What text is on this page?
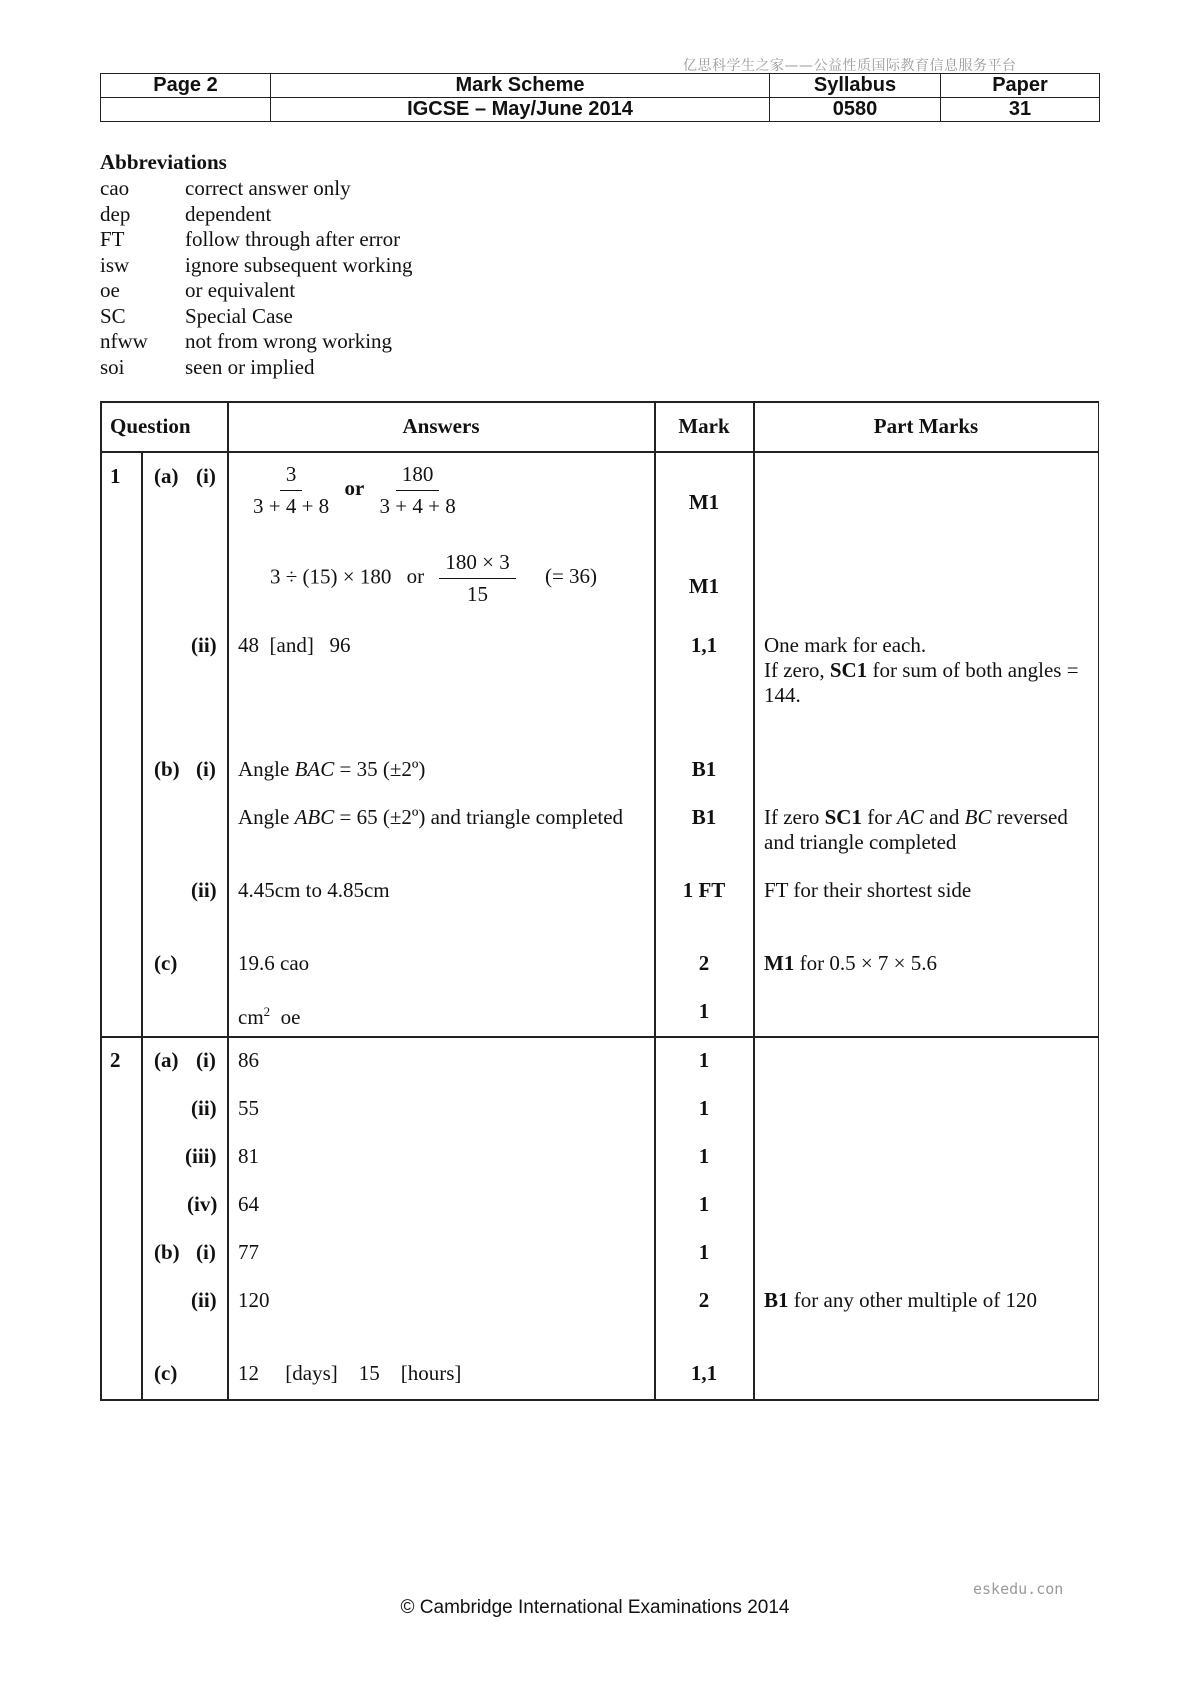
亿思科学生之家——公益性质国际教育信息服务平台
Page 2	Mark Scheme	Syllabus	Paper
	IGCSE – May/June 2014	0580	31
Abbreviations
cao	correct answer only
dep	dependent
FT	follow through after error
isw	ignore subsequent working
oe	or equivalent
SC	Special Case
nfww not from wrong working
soi	seen or implied
Question	Answers	Mark	Part Marks
1 (a) $(i) \frac{3}{3 + 4 + 8}$ or $\frac{180}{3 + 4 + 8}$	M1
3 ÷ (15) × 180 or $\frac{180 \times 3}{15}$ (= 36)	M1
(ii) 48  [and]   96	1,1	One mark for each.
If zero, SC1 for sum of both angles = 144.
(b) (i) Angle BAC = 35 (±2º)	B1
Angle ABC = 65 (±2º) and triangle completed	B1	If zero SC1 for AC and BC reversed and triangle completed
(ii) 4.45cm to 4.85cm	1 FT	FT for their shortest side
(c)	19.6 cao	2	M1 for 0.5 × 7 × 5.6
$cm^2$  oe	1
2 (a) (i) 86	1
(ii) 55	1
(iii) 81	1
(iv) 64	1
(b) (i) 77	1
(ii) 120	2	B1 for any other multiple of 120
(c)	12     [days]    15    [hours]	1,1
eskedu.con
© Cambridge International Examinations 2014
